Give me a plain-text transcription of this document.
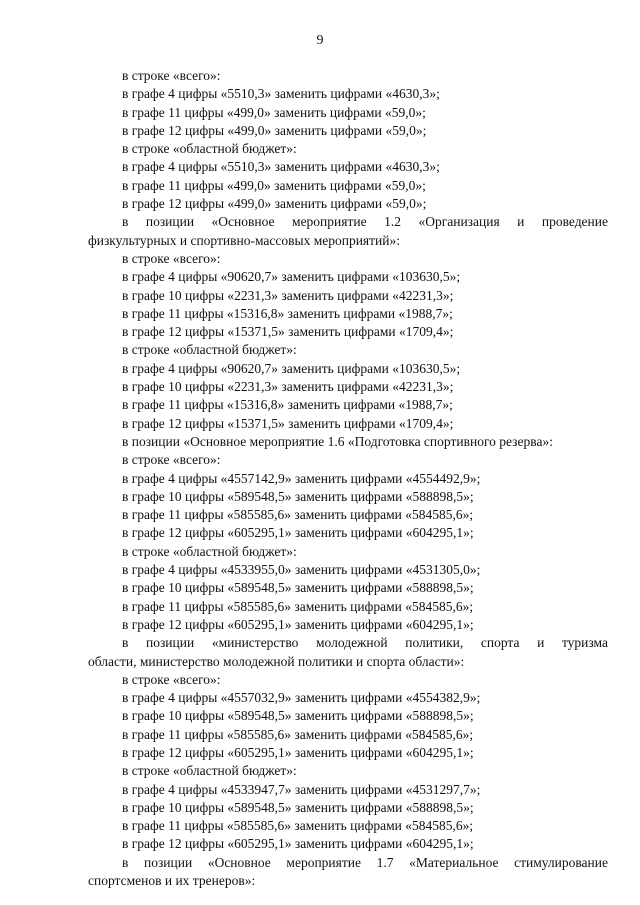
9
в строке «всего»:
в графе 4 цифры «5510,3» заменить цифрами «4630,3»;
в графе 11 цифры «499,0» заменить цифрами «59,0»;
в графе 12 цифры «499,0» заменить цифрами «59,0»;
в строке «областной бюджет»:
в графе 4 цифры «5510,3» заменить цифрами «4630,3»;
в графе 11 цифры «499,0» заменить цифрами «59,0»;
в графе 12 цифры «499,0» заменить цифрами «59,0»;
в позиции «Основное мероприятие 1.2 «Организация и проведение
физкультурных и спортивно-массовых мероприятий»:
в строке «всего»:
в графе 4 цифры «90620,7» заменить цифрами «103630,5»;
в графе 10 цифры «2231,3» заменить цифрами «42231,3»;
в графе 11 цифры «15316,8» заменить цифрами «1988,7»;
в графе 12 цифры «15371,5» заменить цифрами «1709,4»;
в строке «областной бюджет»:
в графе 4 цифры «90620,7» заменить цифрами «103630,5»;
в графе 10 цифры «2231,3» заменить цифрами «42231,3»;
в графе 11 цифры «15316,8» заменить цифрами «1988,7»;
в графе 12 цифры «15371,5» заменить цифрами «1709,4»;
в позиции «Основное мероприятие 1.6 «Подготовка спортивного резерва»:
в строке «всего»:
в графе 4 цифры «4557142,9» заменить цифрами «4554492,9»;
в графе 10 цифры «589548,5» заменить цифрами «588898,5»;
в графе 11 цифры «585585,6» заменить цифрами «584585,6»;
в графе 12 цифры «605295,1» заменить цифрами «604295,1»;
в строке «областной бюджет»:
в графе 4 цифры «4533955,0» заменить цифрами «4531305,0»;
в графе 10 цифры «589548,5» заменить цифрами «588898,5»;
в графе 11 цифры «585585,6» заменить цифрами «584585,6»;
в графе 12 цифры «605295,1» заменить цифрами «604295,1»;
в позиции «министерство молодежной политики, спорта и туризма
области, министерство молодежной политики и спорта области»:
в строке «всего»:
в графе 4 цифры «4557032,9» заменить цифрами «4554382,9»;
в графе 10 цифры «589548,5» заменить цифрами «588898,5»;
в графе 11 цифры «585585,6» заменить цифрами «584585,6»;
в графе 12 цифры «605295,1» заменить цифрами «604295,1»;
в строке «областной бюджет»:
в графе 4 цифры «4533947,7» заменить цифрами «4531297,7»;
в графе 10 цифры «589548,5» заменить цифрами «588898,5»;
в графе 11 цифры «585585,6» заменить цифрами «584585,6»;
в графе 12 цифры «605295,1» заменить цифрами «604295,1»;
в позиции «Основное мероприятие 1.7 «Материальное стимулирование
спортсменов и их тренеров»:
